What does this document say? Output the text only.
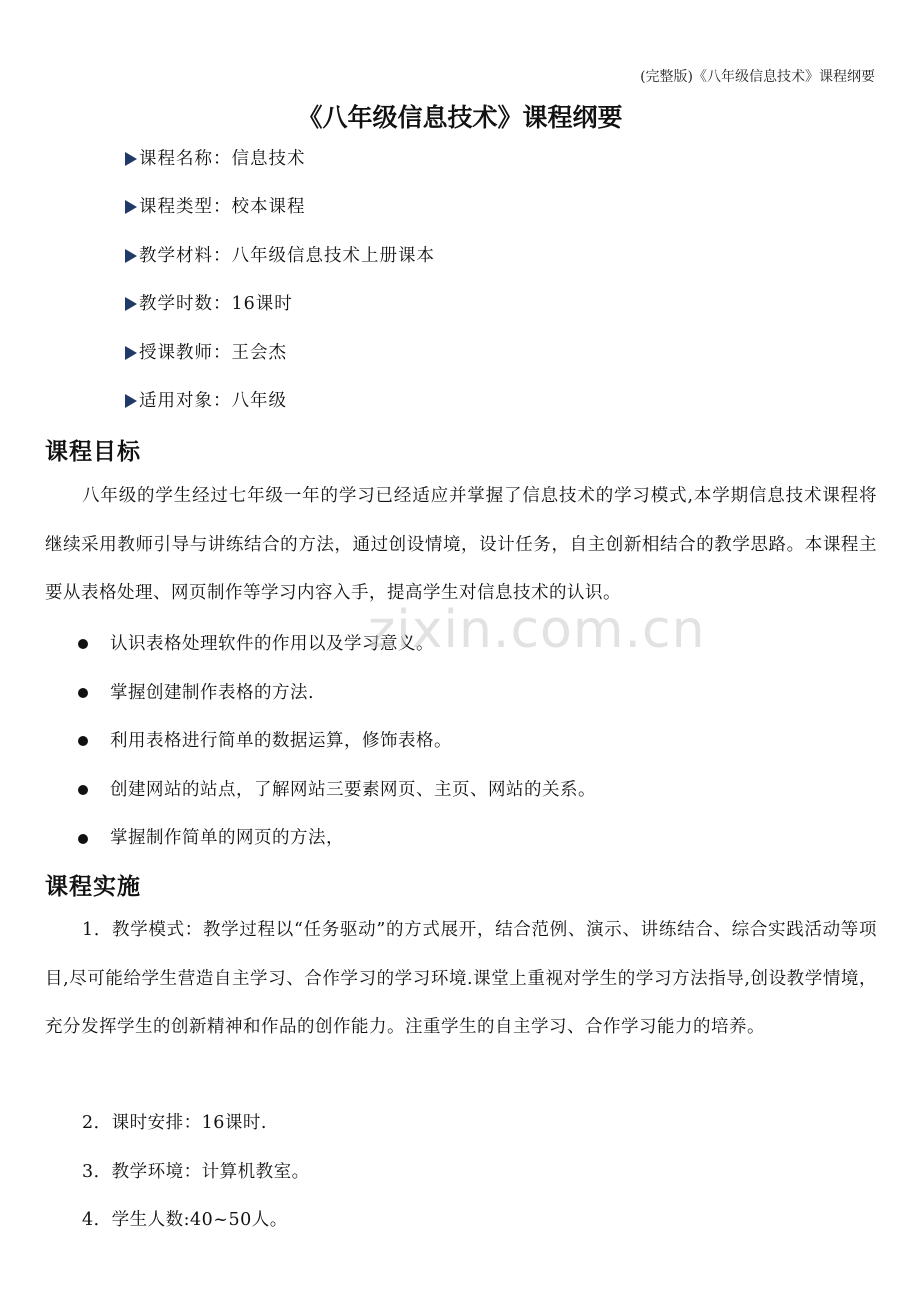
(完整版)《八年级信息技术》课程纲要
《八年级信息技术》课程纲要
课程名称： 信息技术
课程类型： 校本课程
教学材料： 八年级信息技术上册课本
教学时数： 16课时
授课教师： 王会杰
适用对象： 八年级
课程目标
八年级的学生经过七年级一年的学习已经适应并掌握了信息技术的学习模式,本学期信息技术课程将继续采用教师引导与讲练结合的方法，通过创设情境，设计任务，自主创新相结合的教学思路。本课程主要从表格处理、网页制作等学习内容入手，提高学生对信息技术的认识。
认识表格处理软件的作用以及学习意义。
掌握创建制作表格的方法.
利用表格进行简单的数据运算，修饰表格。
创建网站的站点，了解网站三要素网页、主页、网站的关系。
掌握制作简单的网页的方法，
课程实施
1．教学模式：教学过程以“任务驱动”的方式展开，结合范例、演示、讲练结合、综合实践活动等项目,尽可能给学生营造自主学习、合作学习的学习环境.课堂上重视对学生的学习方法指导,创设教学情境，充分发挥学生的创新精神和作品的创作能力。注重学生的自主学习、合作学习能力的培养。
2．课时安排：16课时.
3．教学环境：计算机教室。
4．学生人数:40~50人。
zixin.com.cn
